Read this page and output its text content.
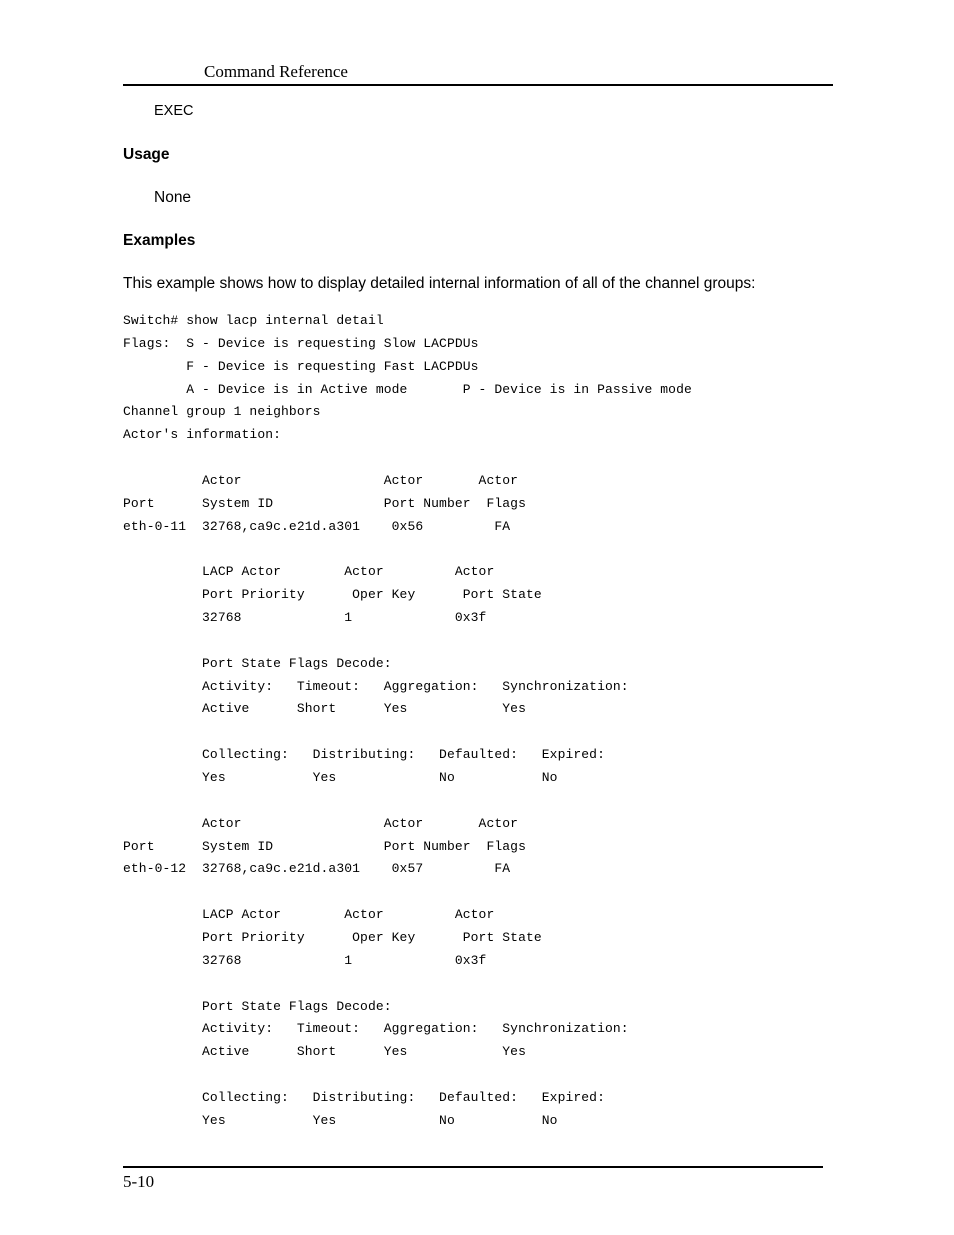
Command Reference
EXEC
Usage
None
Examples
This example shows how to display detailed internal information of all of the channel groups:
Switch# show lacp internal detail
Flags:  S - Device is requesting Slow LACPDUs
F - Device is requesting Fast LACPDUs
A - Device is in Active mode       P - Device is in Passive mode
Channel group 1 neighbors
Actor's information:
Actor                  Actor       Actor
Port      System ID              Port Number  Flags
eth-0-11  32768,ca9c.e21d.a301    0x56         FA
LACP Actor        Actor         Actor
Port Priority      Oper Key      Port State
32768             1             0x3f
Port State Flags Decode:
Activity:   Timeout:   Aggregation:   Synchronization:
Active      Short      Yes            Yes
Collecting:   Distributing:   Defaulted:   Expired:
Yes           Yes             No           No
Actor                  Actor       Actor
Port      System ID              Port Number  Flags
eth-0-12  32768,ca9c.e21d.a301    0x57         FA
LACP Actor        Actor         Actor
Port Priority      Oper Key      Port State
32768             1             0x3f
Port State Flags Decode:
Activity:   Timeout:   Aggregation:   Synchronization:
Active      Short      Yes            Yes
Collecting:   Distributing:   Defaulted:   Expired:
Yes           Yes             No           No
5-10
